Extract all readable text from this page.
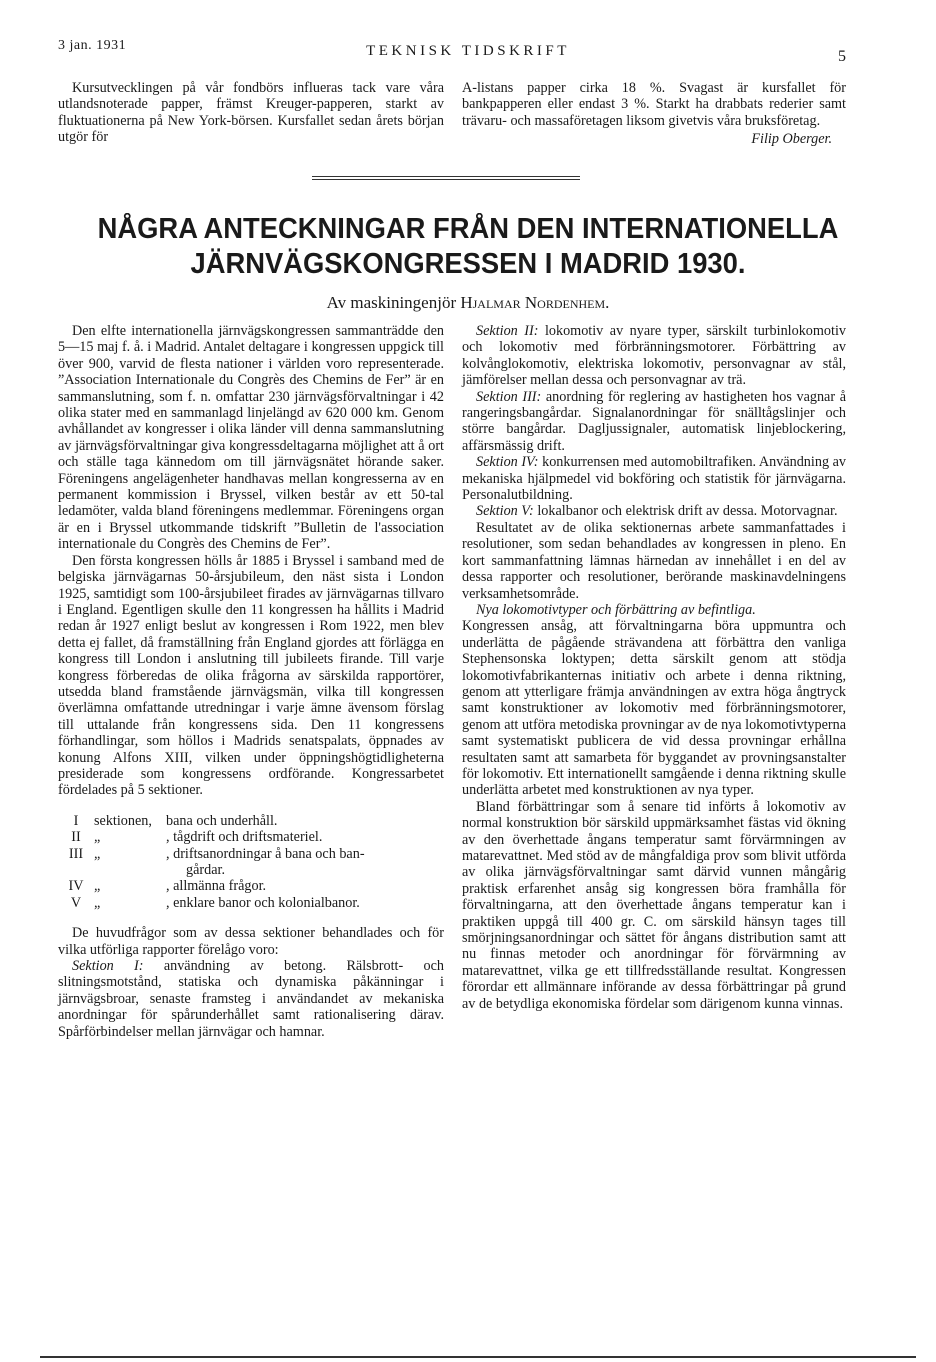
3 jan. 1931	TEKNISK TIDSKRIFT	5

Kursutvecklingen på vår fondbörs influeras tack vare våra utlandsnoterade papper, främst Kreuger-papperen, starkt av fluktuationerna på New York-börsen. Kursfallet sedan årets början utgör för

A-listans papper cirka 18 %. Svagast är kursfallet för bankpapperen eller endast 3 %. Starkt ha drabbats rederier samt trävaru- och massaföretagen liksom givetvis våra bruksföretag.

Filip Oberger.
NÅGRA ANTECKNINGAR FRÅN DEN INTERNATIONELLA
JÄRNVÄGSKONGRESSEN I MADRID 1930.
Av maskiningenjör Hjalmar Nordenhem.

Den elfte internationella järnvägskongressen sammanträdde den 5—15 maj f. å. i Madrid. Antalet deltagare i kongressen uppgick till över 900, varvid de flesta nationer i världen voro representerade. ”Association Internationale du Congrès des Chemins de Fer” är en sammanslutning, som f. n. omfattar 230 järnvägsförvaltningar i 42 olika stater med en sammanlagd linjelängd av 620 000 km. Genom avhållandet av kongresser i olika länder vill denna sammanslutning av järnvägsförvaltningar giva kongressdeltagarna möjlighet att å ort och ställe taga kännedom om till järnvägsnätet hörande saker. Föreningens angelägenheter handhavas mellan kongresserna av en permanent kommission i Bryssel, vilken består av ett 50-tal ledamöter, valda bland föreningens medlemmar. Föreningens organ är en i Bryssel utkommande tidskrift ”Bulletin de l'association internationale du Congrès des Chemins de Fer”.

Den första kongressen hölls år 1885 i Bryssel i samband med de belgiska järnvägarnas 50-årsjubileum, den näst sista i London 1925, samtidigt som 100-årsjubileet firades av järnvägarnas tillvaro i England. Egentligen skulle den 11 kongressen ha hållits i Madrid redan år 1927 enligt beslut av kongressen i Rom 1922, men blev detta ej fallet, då framställning från England gjordes att förlägga en kongress till London i anslutning till jubileets firande. Till varje kongress förberedas de olika frågorna av särskilda rapportörer, utsedda bland framstående järnvägsmän, vilka till kongressen överlämna omfattande utredningar i varje ämne ävensom förslag till uttalande från kongressens sida. Den 11 kongressens förhandlingar, som höllos i Madrids senatspalats, öppnades av konung Alfons XIII, vilken under öppningshögtidligheterna presiderade som kongressens ordförande. Kongressarbetet fördelades på 5 sektioner.

I	sektionen, bana och underhåll.
II „	, tågdrift och driftsmateriel.
III „	, driftsanordningar å bana och ban-
gårdar.
IV „	, allmänna frågor.
V „	, enklare banor och kolonialbanor.

De huvudfrågor som av dessa sektioner behandlades och för vilka utförliga rapporter förelågo voro:

Sektion I: användning av betong. Rälsbrott- och slitningsmotstånd, statiska och dynamiska påkänningar i järnvägsbroar, senaste framsteg i användandet av mekaniska anordningar för spårunderhållet samt rationalisering därav. Spårförbindelser mellan järnvägar och hamnar.

Sektion II: lokomotiv av nyare typer, särskilt turbinlokomotiv och lokomotiv med förbränningsmotorer. Förbättring av kolvånglokomotiv, elektriska lokomotiv, personvagnar av stål, jämförelser mellan dessa och personvagnar av trä.

Sektion III: anordning för reglering av hastigheten hos vagnar å rangeringsbangårdar. Signalanordningar för snälltågslinjer och större bangårdar. Dagljussignaler, automatisk linjeblockering, affärsmässig drift.

Sektion IV: konkurrensen med automobiltrafiken. Användning av mekaniska hjälpmedel vid bokföring och statistik för järnvägarna. Personalutbildning.

Sektion V: lokalbanor och elektrisk drift av dessa. Motorvagnar.

Resultatet av de olika sektionernas arbete sammanfattades i resolutioner, som sedan behandlades av kongressen in pleno. En kort sammanfattning lämnas härnedan av innehållet i en del av dessa rapporter och resolutioner, berörande maskinavdelningens verksamhetsområde.

Nya lokomotivtyper och förbättring av befintliga.

Kongressen ansåg, att förvaltningarna böra uppmuntra och underlätta de pågående strävandena att förbättra den vanliga Stephensonska loktypen; detta särskilt genom att stödja lokomotivfabrikanternas initiativ och arbete i denna riktning, genom att ytterligare främja användningen av extra höga ångtryck samt konstruktioner av lokomotiv med förbränningsmotorer, genom att utföra metodiska provningar av de nya lokomotivtyperna samt systematiskt publicera de vid dessa provningar erhållna resultaten samt att samarbeta för byggandet av provningsanstalter för lokomotiv. Ett internationellt samgående i denna riktning skulle underlätta arbetet med konstruktionen av nya typer.

Bland förbättringar som å senare tid införts å lokomotiv av normal konstruktion bör särskild uppmärksamhet fästas vid ökning av den överhettade ångans temperatur samt förvärmningen av matarevattnet. Med stöd av de mångfaldiga prov som blivit utförda av olika järnvägsförvaltningar samt därvid vunnen mångårig praktisk erfarenhet ansåg sig kongressen böra framhålla för förvaltningarna, att den överhettade ångans temperatur kan i praktiken uppgå till 400 gr. C. om särskild hänsyn tages till smörjningsanordningar och sättet för ångans distribution samt att nu finnas metoder och anordningar för förvärmning av matarevattnet, vilka ge ett tillfredsställande resultat. Kongressen förordar ett allmännare införande av dessa förbättringar på grund av de betydliga ekonomiska fördelar som därigenom kunna vinnas.
